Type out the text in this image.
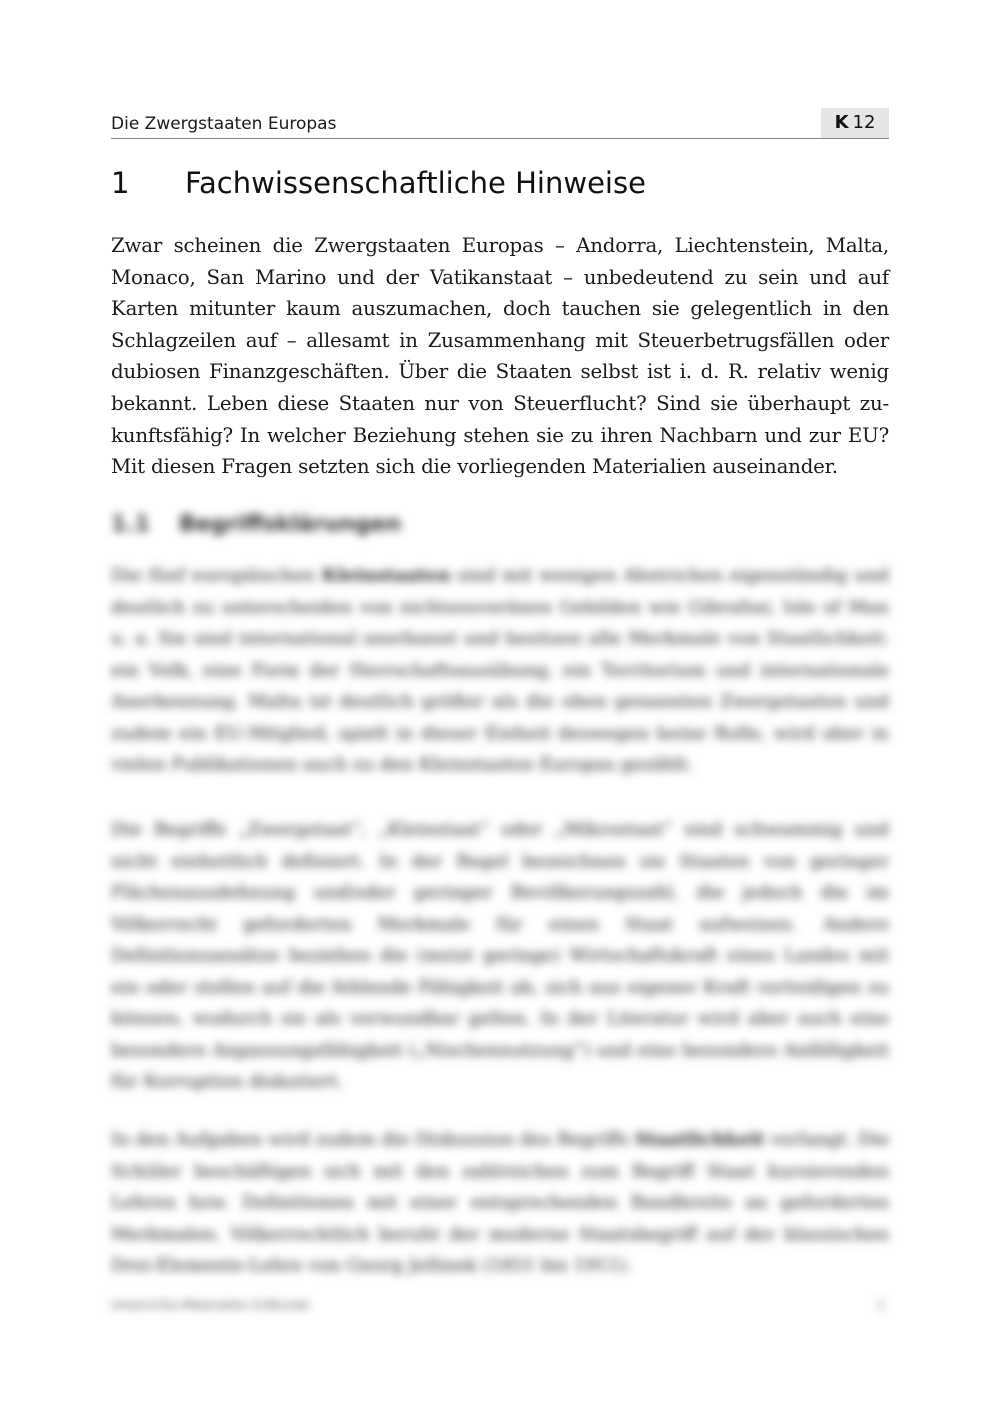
Die Zwergstaaten Europas	K 12
1 Fachwissenschaftliche Hinweise

Zwar scheinen die Zwergstaaten Europas – Andorra, Liechtenstein, Malta,
Monaco, San Marino und der Vatikanstaat – unbedeutend zu sein und auf
Karten mitunter kaum auszumachen, doch tauchen sie gelegentlich in den
Schlagzeilen auf – allesamt in Zusammenhang mit Steuerbetrugsfällen oder
dubiosen Finanzgeschäften. Über die Staaten selbst ist i. d. R. relativ wenig
bekannt. Leben diese Staaten nur von Steuerflucht? Sind sie überhaupt zu-
kunftsfähig? In welcher Beziehung stehen sie zu ihren Nachbarn und zur EU?
Mit diesen Fragen setzten sich die vorliegenden Materialien auseinander.

1.1 Begriffsklärungen

Die fünf europäischen Kleinstaaten sind mit wenigen Abstrichen eigenständig und deutlich zu unterscheiden von nichtsouveränen Gebilden wie Gibraltar, Isle of Man u. a. Sie sind international anerkannt und besitzen alle Merkmale von Staatlichkeit: ein Volk, eine Form der Herrschaftsausübung, ein Territorium und internationale Anerkennung. Malta ist deutlich größer als die oben genannten Zwergstaaten und zudem ein EU-Mitglied, spielt in dieser Einheit deswegen keine Rolle, wird aber in vielen Publikationen auch zu den Kleinstaaten Europas gezählt.

Die Begriffe „Zwergstaat“, „Kleinstaat“ oder „Mikrostaat“ sind schwammig und nicht einheitlich definiert. In der Regel bezeichnen sie Staaten von geringer Flächenausdehnung und/oder geringer Bevölkerungszahl, die jedoch die im Völkerrecht geforderten Merkmale für einen Staat aufweisen. Andere Definitionsansätze beziehen die (meist geringe) Wirtschaftskraft eines Landes mit ein oder stellen auf die fehlende Fähigkeit ab, sich aus eigener Kraft verteidigen zu können, wodurch sie als verwundbar gelten. In der Literatur wird aber auch eine besondere Anpassungsfähigkeit („Nischennutzung“) und eine besondere Anfälligkeit für Korruption diskutiert.

In den Aufgaben wird zudem die Diskussion des Begriffs Staatlichkeit verlangt. Die Schüler beschäftigen sich mit den zahlreichen zum Begriff Staat kursierenden Lehren bzw. Definitionen mit einer entsprechenden Bandbreite an geforderten Merkmalen. Völkerrechtlich beruht der moderne Staatsbegriff auf der klassischen Drei-Elemente-Lehre von Georg Jellinek (1851 bis 1911).

Unterrichts-Materialien Erdkunde	1
